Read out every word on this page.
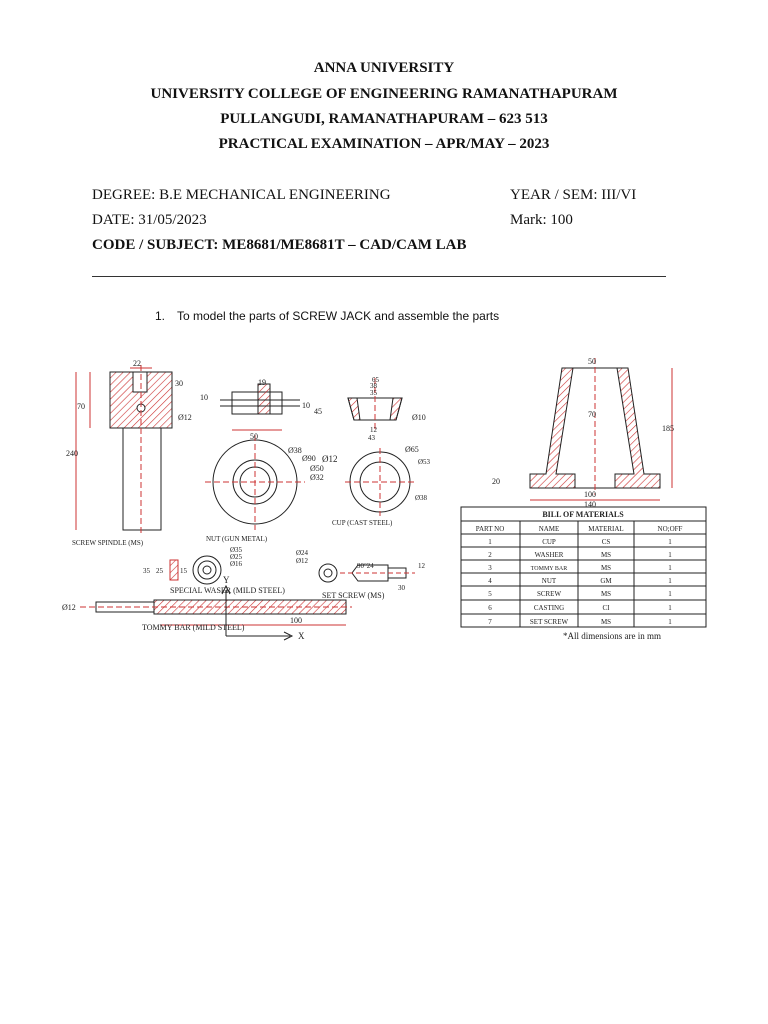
ANNA UNIVERSITY
UNIVERSITY COLLEGE OF ENGINEERING RAMANATHAPURAM
PULLANGUDI, RAMANATHAPURAM – 623 513
PRACTICAL EXAMINATION – APR/MAY – 2023
DEGREE: B.E MECHANICAL ENGINEERING	YEAR / SEM: III/VI
DATE: 31/05/2023	Mark: 100
CODE / SUBJECT: ME8681/ME8681T – CAD/CAM LAB
1. To model the parts of SCREW JACK and assemble the parts
22
30
70
240
Ø12
SCREW SPINDLE (MS)
19
10
10
45
50
Ø38
Ø90 Ø12
Ø50
Ø32
NUT (GUN METAL)
65
38
35
12
43
Ø10
Ø65
Ø53
Ø38
CUP (CAST STEEL)
Ø35
Ø25
Ø16
35 25 15
SPECIAL WASER (MILD STEEL)
Ø24
Ø12
90°24
30
12
SET SCREW (MS)
Ø12
100
TOMMY BAR (MILD STEEL)
Y
X
50
70
185
20
100
140
BILL OF MATERIALS
PART NO	NAME	MATERIAL	NO;OFF
1	CUP	CS	1
2	WASHER	MS	1
3	TOMMY BAR	MS	1
4	NUT	GM	1
5	SCREW	MS	1
6	CASTING	CI	1
7	SET SCREW	MS	1
*All dimensions are in mm
